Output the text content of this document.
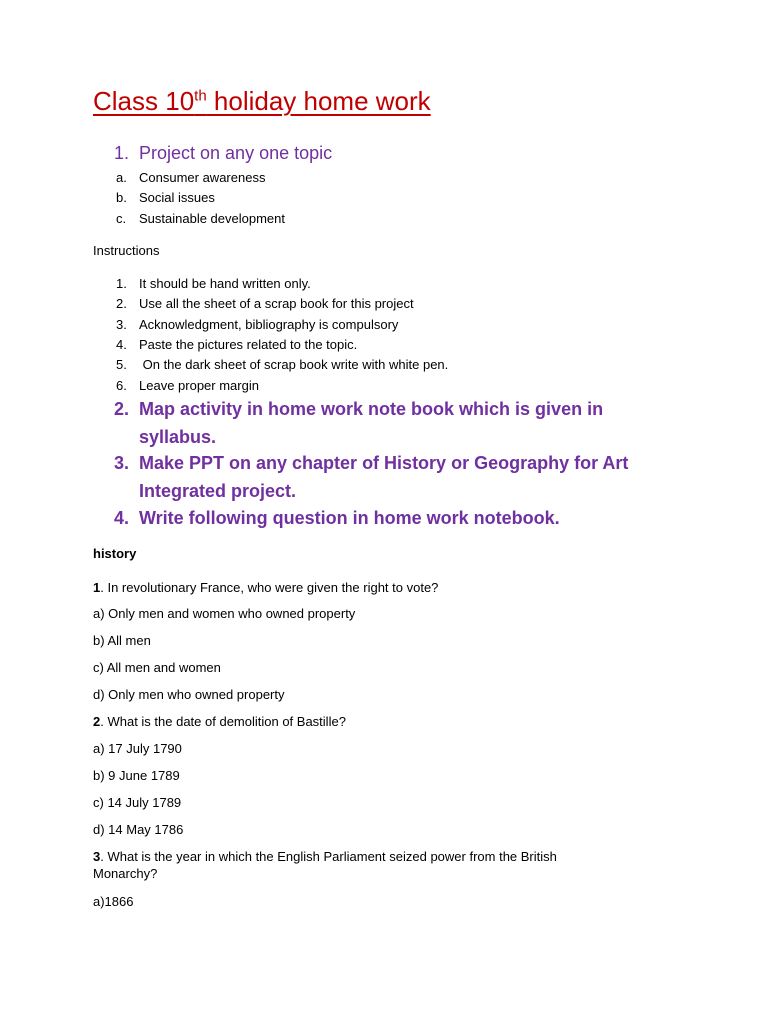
Class 10th holiday home work
1. Project on any one topic
a. Consumer awareness
b. Social issues
c. Sustainable development
Instructions
1. It should be hand written only.
2. Use all the sheet of a scrap book for this project
3. Acknowledgment, bibliography is compulsory
4. Paste the pictures related to the topic.
5. On the dark sheet of scrap book write with white pen.
6. Leave proper margin
2. Map activity in home work note book which is given in
syllabus.
3. Make PPT on any chapter of History or Geography for Art
Integrated project.
4. Write following question in home work notebook.
history
1. In revolutionary France, who were given the right to vote?
a) Only men and women who owned property
b) All men
c) All men and women
d) Only men who owned property
2. What is the date of demolition of Bastille?
a) 17 July 1790
b) 9 June 1789
c) 14 July 1789
d) 14 May 1786
3. What is the year in which the English Parliament seized power from the British
Monarchy?
a)1866
